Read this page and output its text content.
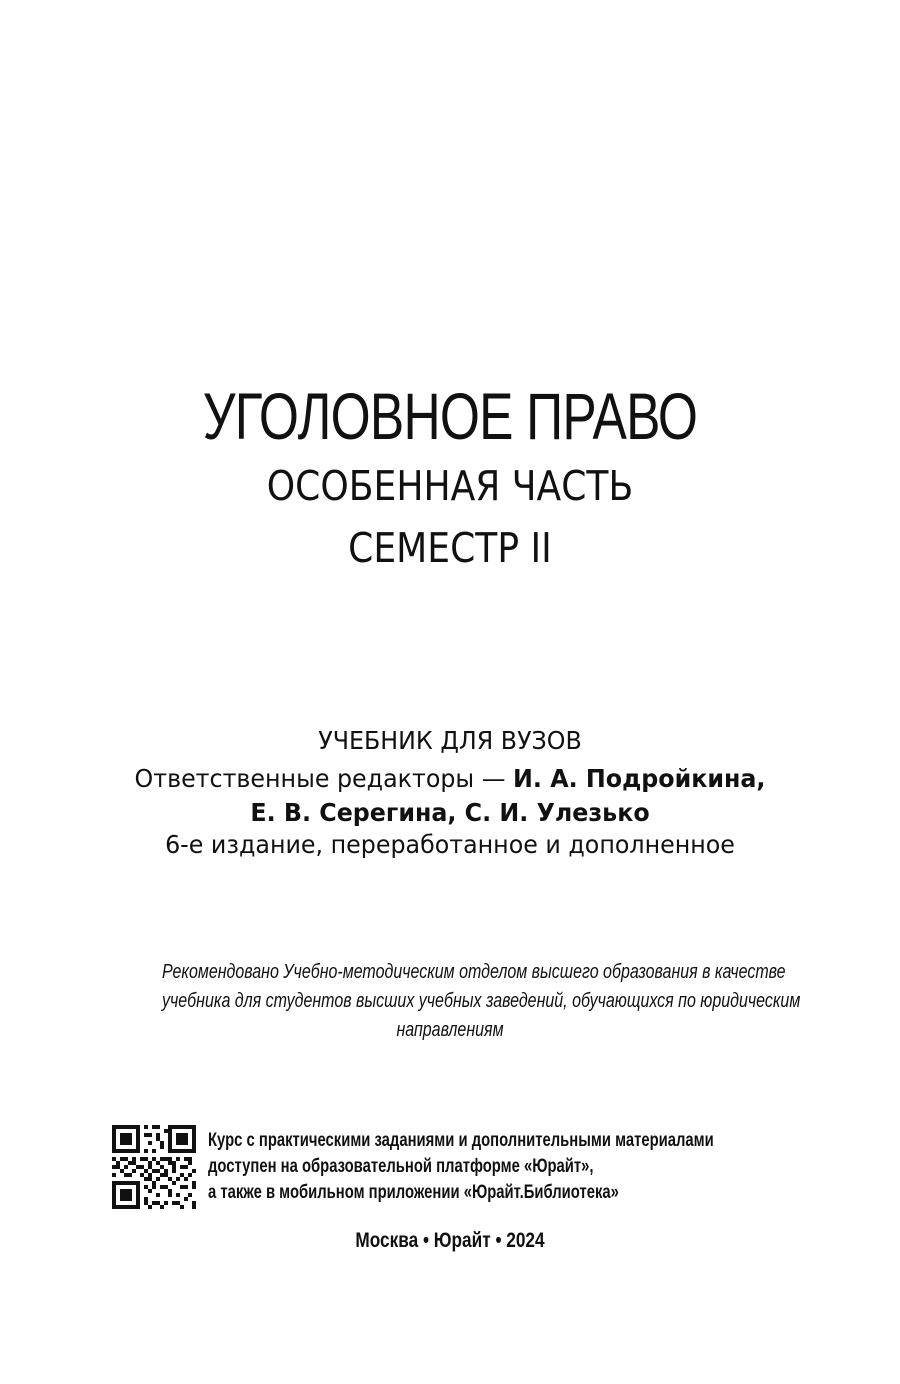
УГОЛОВНОЕ ПРАВО
ОСОБЕННАЯ ЧАСТЬ
СЕМЕСТР II
УЧЕБНИК ДЛЯ ВУЗОВ
Ответственные редакторы — И. А. Подройкина,
Е. В. Серегина, С. И. Улезько
6-е издание, переработанное и дополненное
Рекомендовано Учебно-методическим отделом высшего образования в качестве
учебника для студентов высших учебных заведений, обучающихся по юридическим
направлениям
Курс с практическими заданиями и дополнительными материалами
доступен на образовательной платформе «Юрайт»,
а также в мобильном приложении «Юрайт.Библиотека»
Москва • Юрайт • 2024
